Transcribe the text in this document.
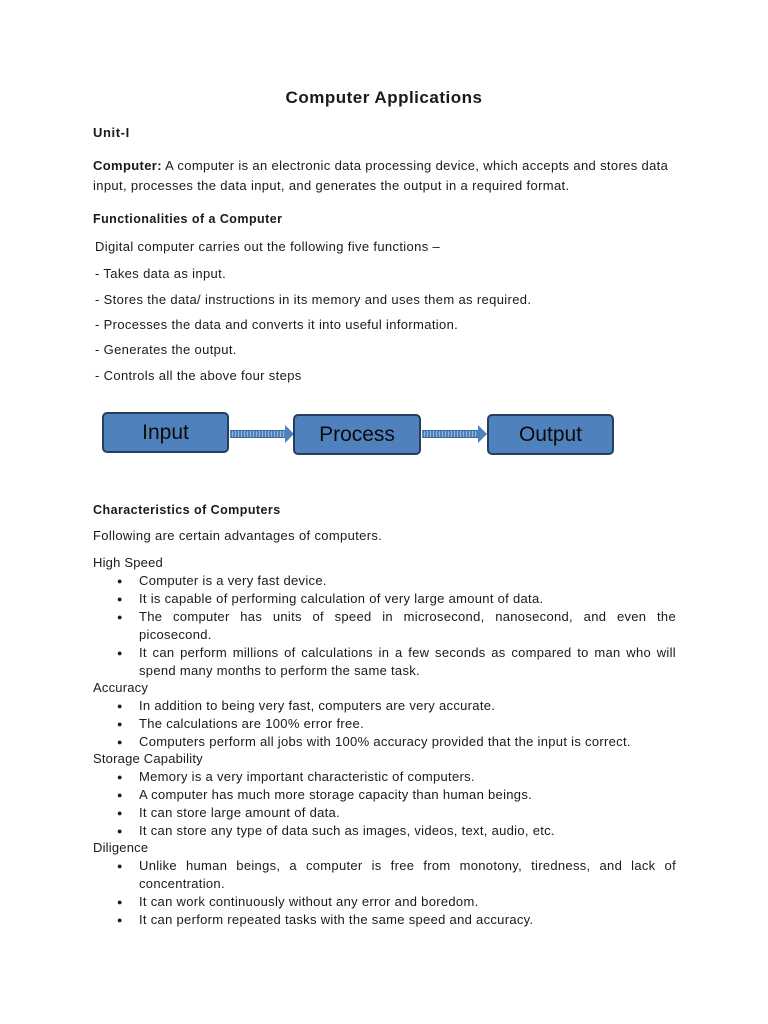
Computer Applications
Unit-I
Computer: A computer is an electronic data processing device, which accepts and stores data input, processes the data input, and generates the output in a required format.
Functionalities of a Computer
Digital computer carries out the following five functions –
- Takes data as input.
- Stores the data/ instructions in its memory and uses them as required.
- Processes the data and converts it into useful information.
- Generates the output.
- Controls all the above four steps
Input	Process	Output
Characteristics of Computers
Following are certain advantages of computers.
High Speed
● Computer is a very fast device.
● It is capable of performing calculation of very large amount of data.
● The computer has units of speed in microsecond, nanosecond, and even the picosecond.
● It can perform millions of calculations in a few seconds as compared to man who will spend many months to perform the same task.
Accuracy
● In addition to being very fast, computers are very accurate.
● The calculations are 100% error free.
● Computers perform all jobs with 100% accuracy provided that the input is correct.
Storage Capability
● Memory is a very important characteristic of computers.
● A computer has much more storage capacity than human beings.
● It can store large amount of data.
● It can store any type of data such as images, videos, text, audio, etc.
Diligence
● Unlike human beings, a computer is free from monotony, tiredness, and lack of concentration.
● It can work continuously without any error and boredom.
● It can perform repeated tasks with the same speed and accuracy.
